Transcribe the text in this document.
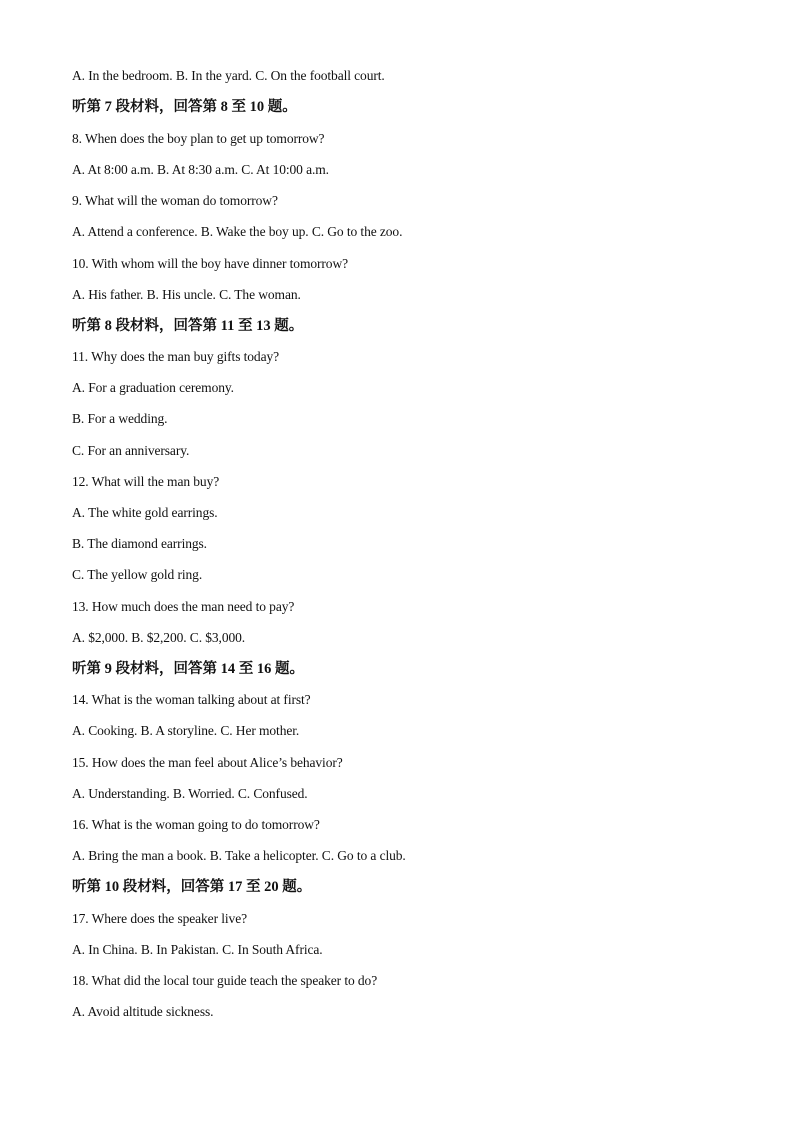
A. In the bedroom. B. In the yard. C. On the football court.
听第 7 段材料，回答第 8 至 10 题。
8. When does the boy plan to get up tomorrow?
A. At 8:00 a.m. B. At 8:30 a.m. C. At 10:00 a.m.
9. What will the woman do tomorrow?
A. Attend a conference. B. Wake the boy up. C. Go to the zoo.
10. With whom will the boy have dinner tomorrow?
A. His father. B. His uncle. C. The woman.
听第 8 段材料，回答第 11 至 13 题。
11. Why does the man buy gifts today?
A. For a graduation ceremony.
B. For a wedding.
C. For an anniversary.
12. What will the man buy?
A. The white gold earrings.
B. The diamond earrings.
C. The yellow gold ring.
13. How much does the man need to pay?
A. $2,000. B. $2,200. C. $3,000.
听第 9 段材料，回答第 14 至 16 题。
14. What is the woman talking about at first?
A. Cooking. B. A storyline. C. Her mother.
15. How does the man feel about Alice’s behavior?
A. Understanding. B. Worried. C. Confused.
16. What is the woman going to do tomorrow?
A. Bring the man a book. B. Take a helicopter. C. Go to a club.
听第 10 段材料，回答第 17 至 20 题。
17. Where does the speaker live?
A. In China. B. In Pakistan. C. In South Africa.
18. What did the local tour guide teach the speaker to do?
A. Avoid altitude sickness.
